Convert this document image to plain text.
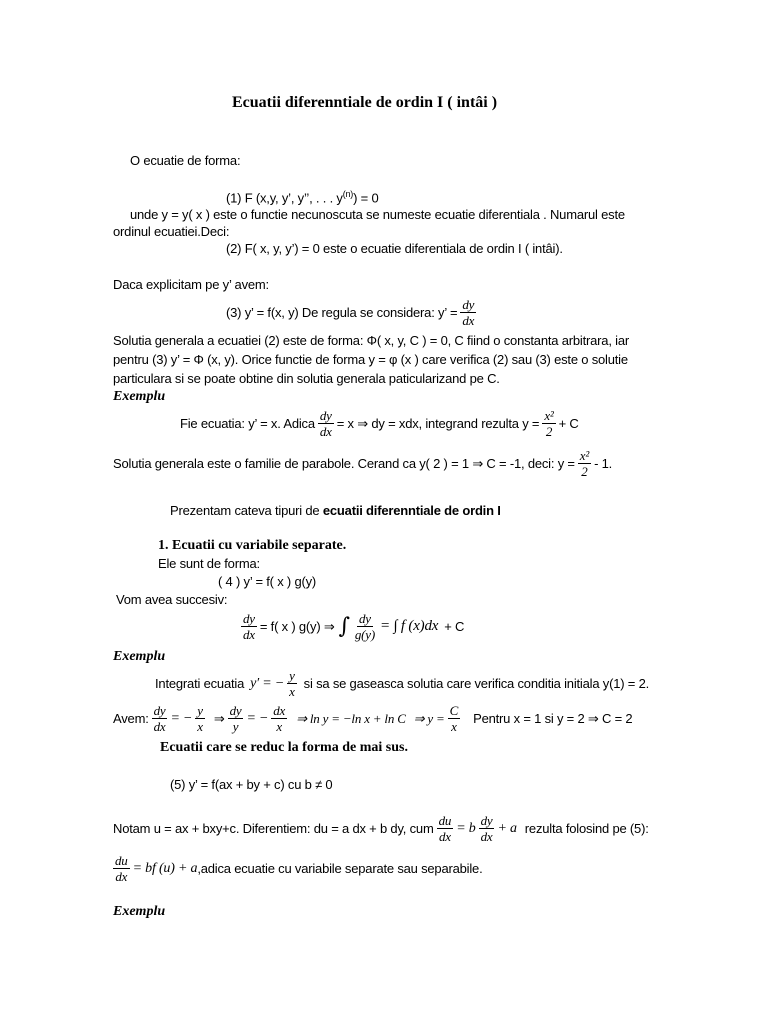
Ecuatii diferenntiale de ordin I ( intâi )
O ecuatie de forma:
(1) F (x,y, y’, y’’, . . . $y^{(n)}) = 0$
unde y = y( x ) este o functie necunoscuta se numeste ecuatie diferentiala . Numarul este
ordinul ecuatiei.Deci:
(2) F( x, y, y’) = 0 este o ecuatie diferentiala de ordin I ( intâi).
Daca explicitam pe y’ avem:
(3) y’ = f(x, y) De regula se considera: y’ = $\frac{dy}{dx}$
Solutia generala a ecuatiei (2) este de forma: Φ( x, y, C ) = 0, C fiind o constanta arbitrara, iar
pentru (3) y’ = Φ (x, y). Orice functie de forma y = φ (x ) care verifica (2) sau (3) este o solutie
particulara si se poate obtine din solutia generala paticularizand pe C.
Exemplu
Fie ecuatia: y’ = x. Adica $\frac{dy}{dx} = x$ ⇒ dy = xdx, integrand rezulta $y = \frac{\text{x²}}{2} + C$
Solutia generala este o familie de parabole. Cerand ca y( 2 ) = 1 ⇒ C = -1, deci: $y = \frac{\text{x²}}{2} - 1$.
Prezentam cateva tipuri de ecuatii diferenntiale de ordin I
1. Ecuatii cu variabile separate.
Ele sunt de forma:
( 4 ) y’ = f( x ) g(y)
Vom avea succesiv:
$\frac{dy}{dx} = f$( x ) g(y) ⇒ ∫ $\frac{dy}{g(y)}$ = ∫ f (x)dx + C
Exemplu
Integrati ecuatia y′ = − $\frac{y}{x}$ si sa se gaseasca solutia care verifica conditia initiala y(1) = 2.
Avem: $\frac{dy}{dx}$ = − $\frac{y}{x}$ ⇒ $\frac{dy}{y}$ = − $\frac{dx}{x}$ ⇒ ln y = −ln x + ln C ⇒ $y = \frac{C}{x}$ Pentru x = 1 si y = 2 ⇒ C = 2
Ecuatii care se reduc la forma de mai sus.
(5) y’ = f(ax + by + c) cu b ≠ 0
Notam u = ax + bxy+c. Diferentiem: du = a dx + b dy, cum $\frac{du}{dx} = b \frac{dy}{dx} + a$ rezulta folosind pe (5):
$\frac{du}{dx}$ = bf (u) + a ,adica ecuatie cu variabile separate sau separabile.
Exemplu
